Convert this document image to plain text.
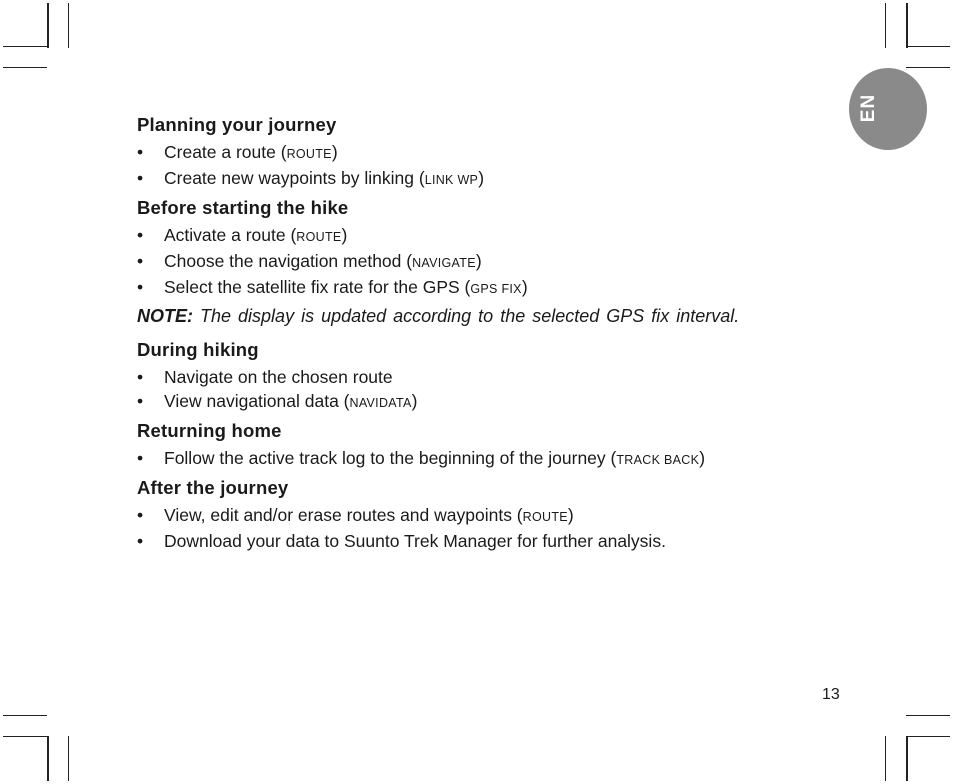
EN
Planning your journey
• Create a route (ROUTE)
• Create new waypoints by linking (LINK WP)
Before starting the hike
• Activate a route (ROUTE)
• Choose the navigation method (NAVIGATE)
• Select the satellite fix rate for the GPS (GPS FIX)
NOTE: The display is updated according to the selected GPS fix interval.
During hiking
• Navigate on the chosen route
• View navigational data (NAVIDATA)
Returning home
• Follow the active track log to the beginning of the journey (TRACK BACK)
After the journey
• View, edit and/or erase routes and waypoints (ROUTE)
• Download your data to Suunto Trek Manager for further analysis.
13
